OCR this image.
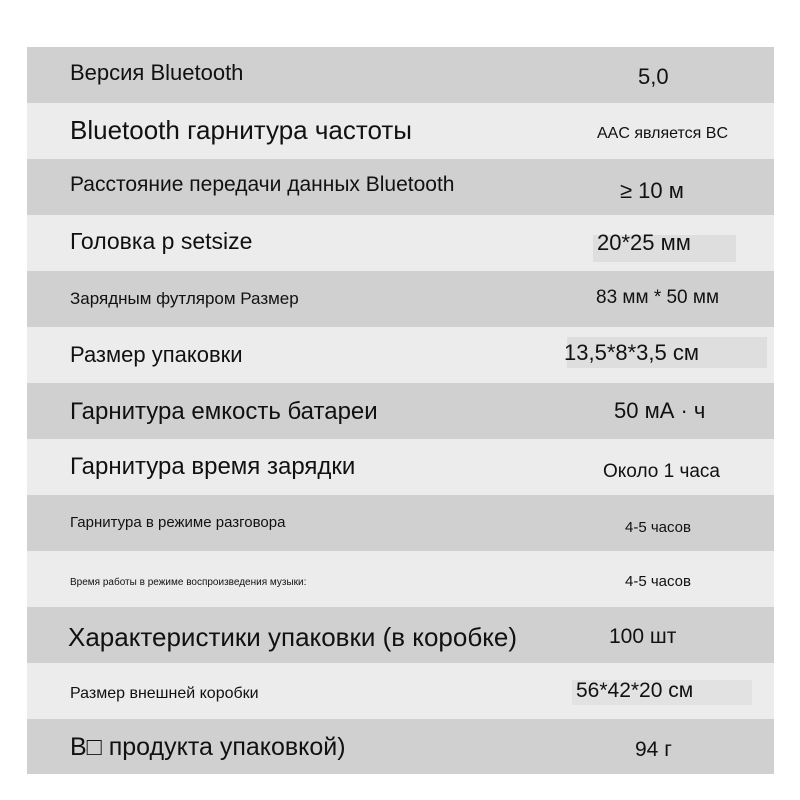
Версия Bluetooth	5,0
Bluetooth гарнитура частоты	AAC является BC
Расстояние передачи данных Bluetooth	≥ 10 м
Головка p setsize	20*25 мм
Зарядным футляром Размер	83 мм * 50 мм
Размер упаковки	13,5*8*3,5 см
Гарнитура емкость батареи	50 мА · ч
Гарнитура время зарядки	Около 1 часа
Гарнитура в режиме разговора	4-5 часов
Время работы в режиме воспроизведения музыки:	4-5 часов
Характеристики упаковки (в коробке)	100 шт
Размер внешней коробки	56*42*20 см
В□ продукта упаковкой)	94 г
